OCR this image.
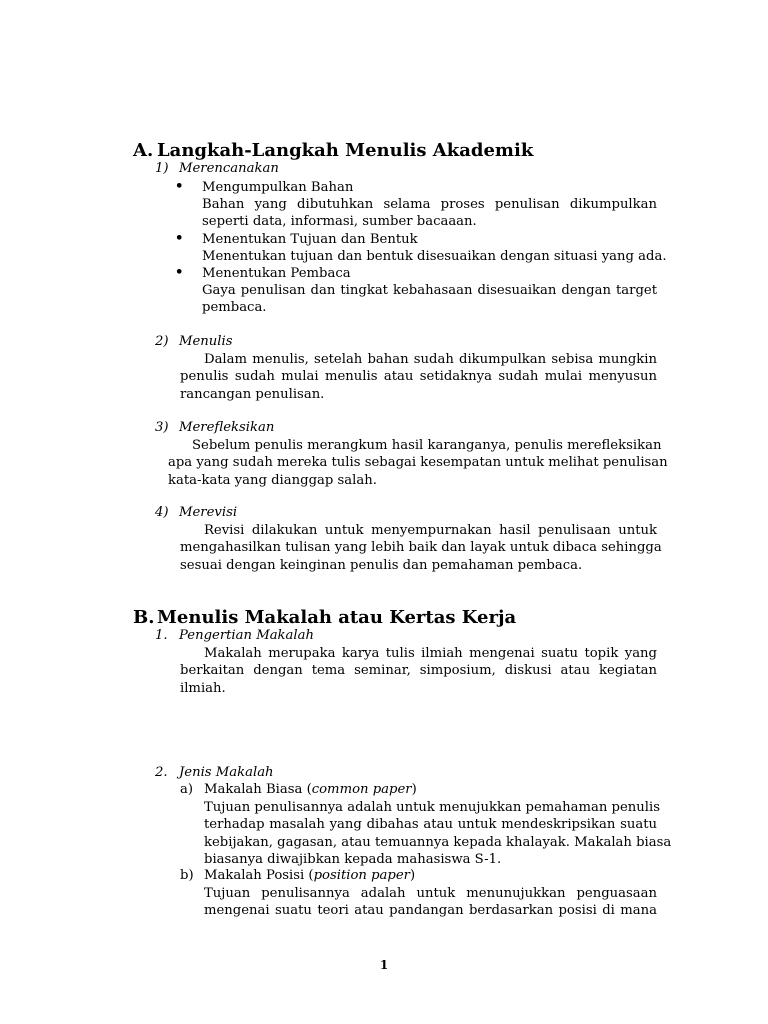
A. Langkah-Langkah Menulis Akademik
1) Merencanakan
• Mengumpulkan Bahan
Bahan yang dibutuhkan selama proses penulisan dikumpulkan
seperti data, informasi, sumber bacaaan.
• Menentukan Tujuan dan Bentuk
Menentukan tujuan dan bentuk disesuaikan dengan situasi yang ada.
• Menentukan Pembaca
Gaya penulisan dan tingkat kebahasaan disesuaikan dengan target
pembaca.
2) Menulis
Dalam menulis, setelah bahan sudah dikumpulkan sebisa mungkin
penulis sudah mulai menulis atau setidaknya sudah mulai menyusun
rancangan penulisan.
3) Merefleksikan
Sebelum penulis merangkum hasil karanganya, penulis merefleksikan
apa yang sudah mereka tulis sebagai kesempatan untuk melihat penulisan
kata-kata yang dianggap salah.
4) Merevisi
Revisi dilakukan untuk menyempurnakan hasil penulisaan untuk
mengahasilkan tulisan yang lebih baik dan layak untuk dibaca sehingga
sesuai dengan keinginan penulis dan pemahaman pembaca.
B. Menulis Makalah atau Kertas Kerja
1. Pengertian Makalah
Makalah merupaka karya tulis ilmiah mengenai suatu topik yang
berkaitan dengan tema seminar, simposium, diskusi atau kegiatan
ilmiah.
2. Jenis Makalah
a) Makalah Biasa (common paper)
Tujuan penulisannya adalah untuk menujukkan pemahaman penulis
terhadap masalah yang dibahas atau untuk mendeskripsikan suatu
kebijakan, gagasan, atau temuannya kepada khalayak. Makalah biasa
biasanya diwajibkan kepada mahasiswa S-1.
b) Makalah Posisi (position paper)
Tujuan penulisannya adalah untuk menunujukkan penguasaan
mengenai suatu teori atau pandangan berdasarkan posisi di mana
1
